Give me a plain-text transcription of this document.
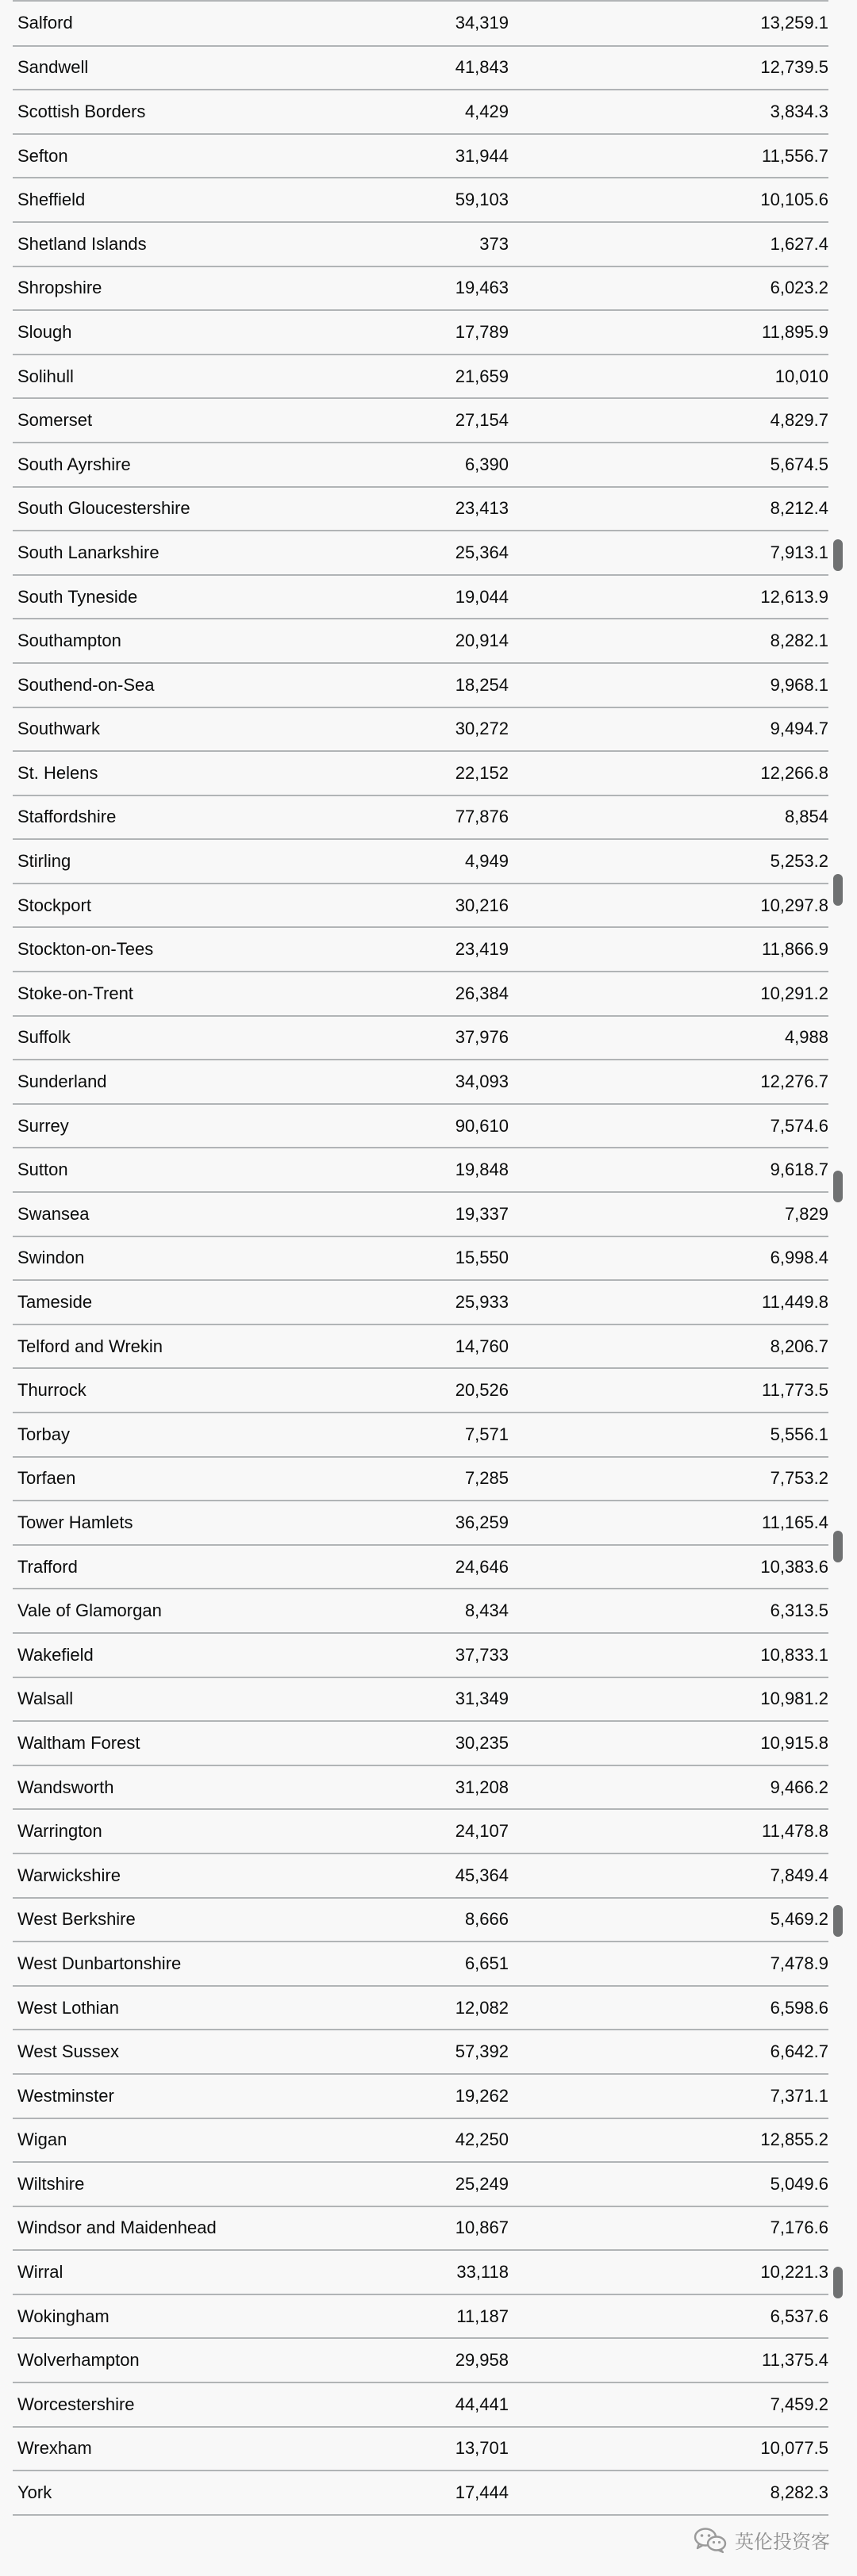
Salford	34,319	13,259.1
Sandwell	41,843	12,739.5
Scottish Borders	4,429	3,834.3
Sefton	31,944	11,556.7
Sheffield	59,103	10,105.6
Shetland Islands	373	1,627.4
Shropshire	19,463	6,023.2
Slough	17,789	11,895.9
Solihull	21,659	10,010
Somerset	27,154	4,829.7
South Ayrshire	6,390	5,674.5
South Gloucestershire	23,413	8,212.4
South Lanarkshire	25,364	7,913.1
South Tyneside	19,044	12,613.9
Southampton	20,914	8,282.1
Southend-on-Sea	18,254	9,968.1
Southwark	30,272	9,494.7
St. Helens	22,152	12,266.8
Staffordshire	77,876	8,854
Stirling	4,949	5,253.2
Stockport	30,216	10,297.8
Stockton-on-Tees	23,419	11,866.9
Stoke-on-Trent	26,384	10,291.2
Suffolk	37,976	4,988
Sunderland	34,093	12,276.7
Surrey	90,610	7,574.6
Sutton	19,848	9,618.7
Swansea	19,337	7,829
Swindon	15,550	6,998.4
Tameside	25,933	11,449.8
Telford and Wrekin	14,760	8,206.7
Thurrock	20,526	11,773.5
Torbay	7,571	5,556.1
Torfaen	7,285	7,753.2
Tower Hamlets	36,259	11,165.4
Trafford	24,646	10,383.6
Vale of Glamorgan	8,434	6,313.5
Wakefield	37,733	10,833.1
Walsall	31,349	10,981.2
Waltham Forest	30,235	10,915.8
Wandsworth	31,208	9,466.2
Warrington	24,107	11,478.8
Warwickshire	45,364	7,849.4
West Berkshire	8,666	5,469.2
West Dunbartonshire	6,651	7,478.9
West Lothian	12,082	6,598.6
West Sussex	57,392	6,642.7
Westminster	19,262	7,371.1
Wigan	42,250	12,855.2
Wiltshire	25,249	5,049.6
Windsor and Maidenhead	10,867	7,176.6
Wirral	33,118	10,221.3
Wokingham	11,187	6,537.6
Wolverhampton	29,958	11,375.4
Worcestershire	44,441	7,459.2
Wrexham	13,701	10,077.5
York	17,444	8,282.3
英伦投资客
